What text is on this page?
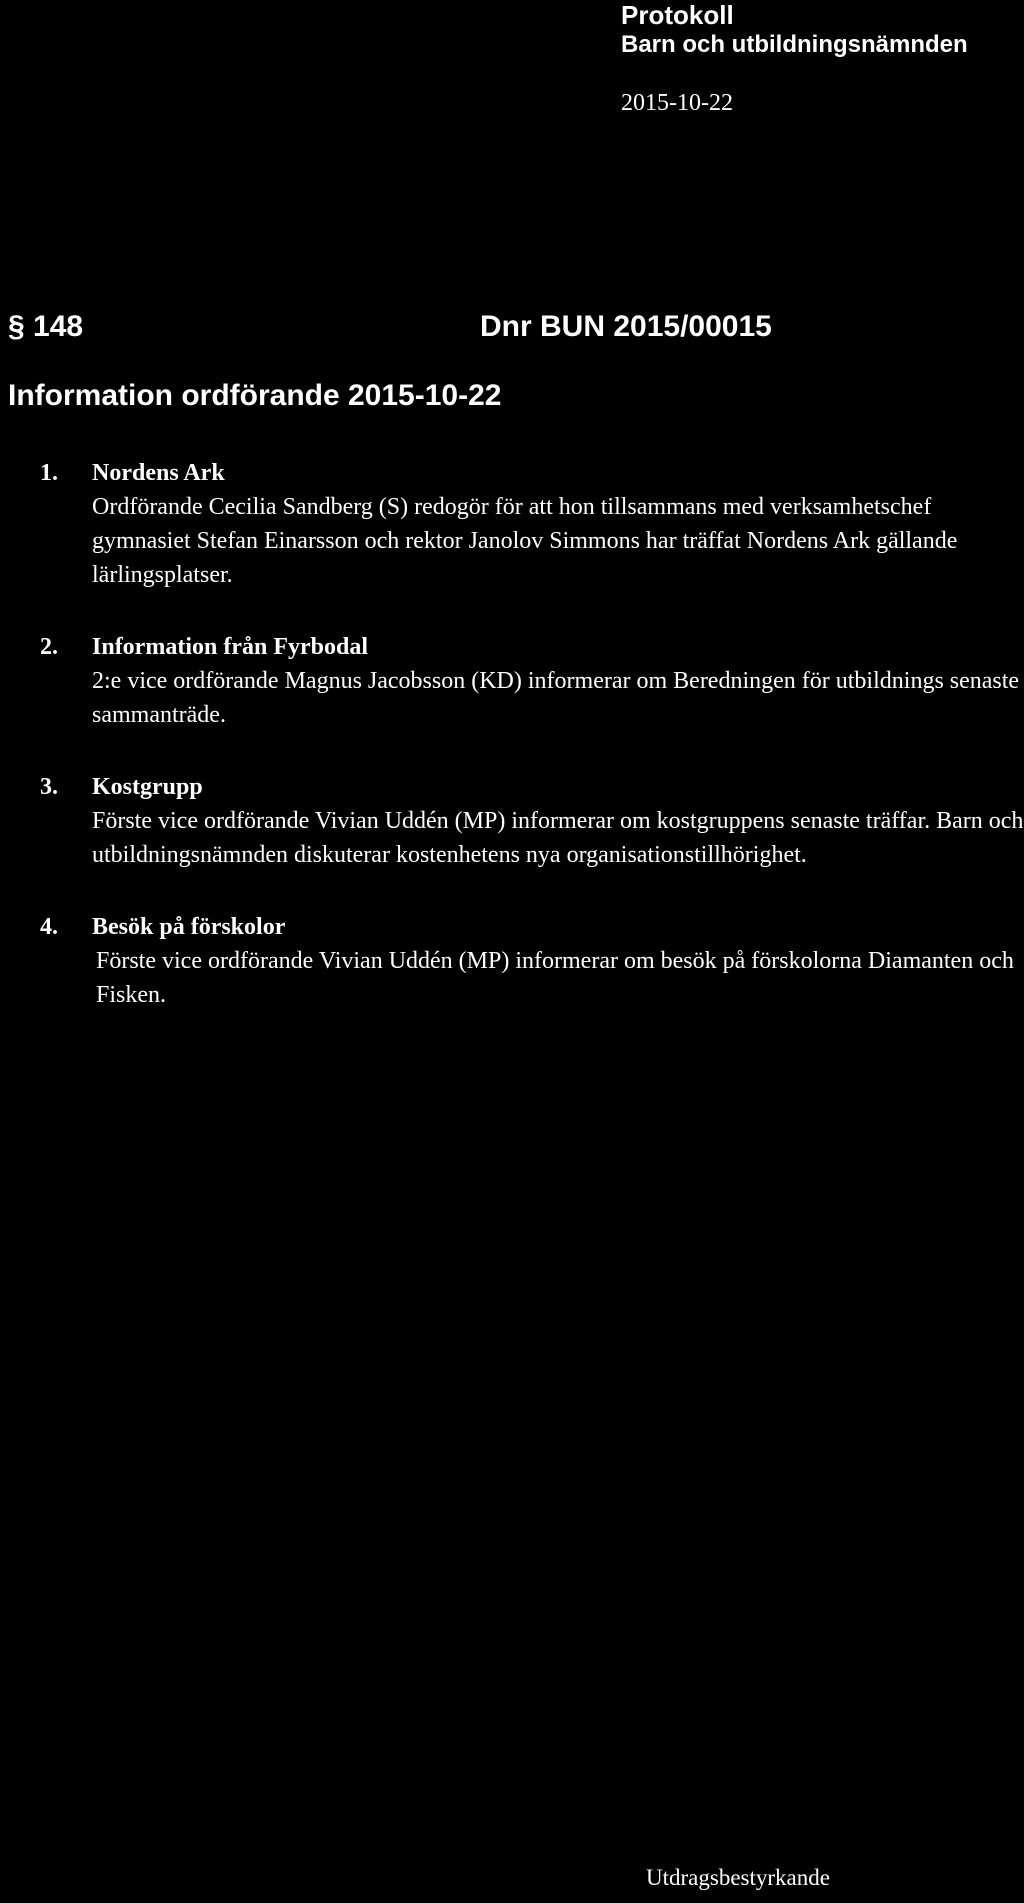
Protokoll
Barn och utbildningsnämnden
2015-10-22
§ 148	Dnr BUN 2015/00015
Information ordförande 2015-10-22
1. Nordens Ark
Ordförande Cecilia Sandberg (S) redogör för att hon tillsammans med verksamhetschef gymnasiet Stefan Einarsson och rektor Janolov Simmons har träffat Nordens Ark gällande lärlingsplatser.
2. Information från Fyrbodal
2:e vice ordförande Magnus Jacobsson (KD) informerar om Beredningen för utbildnings senaste sammanträde.
3. Kostgrupp
Förste vice ordförande Vivian Uddén (MP) informerar om kostgruppens senaste träffar. Barn och utbildningsnämnden diskuterar kostenhetens nya organisationstillhörighet.
4. Besök på förskolor
Förste vice ordförande Vivian Uddén (MP) informerar om besök på förskolorna Diamanten och Fisken.
Utdragsbestyrkande
